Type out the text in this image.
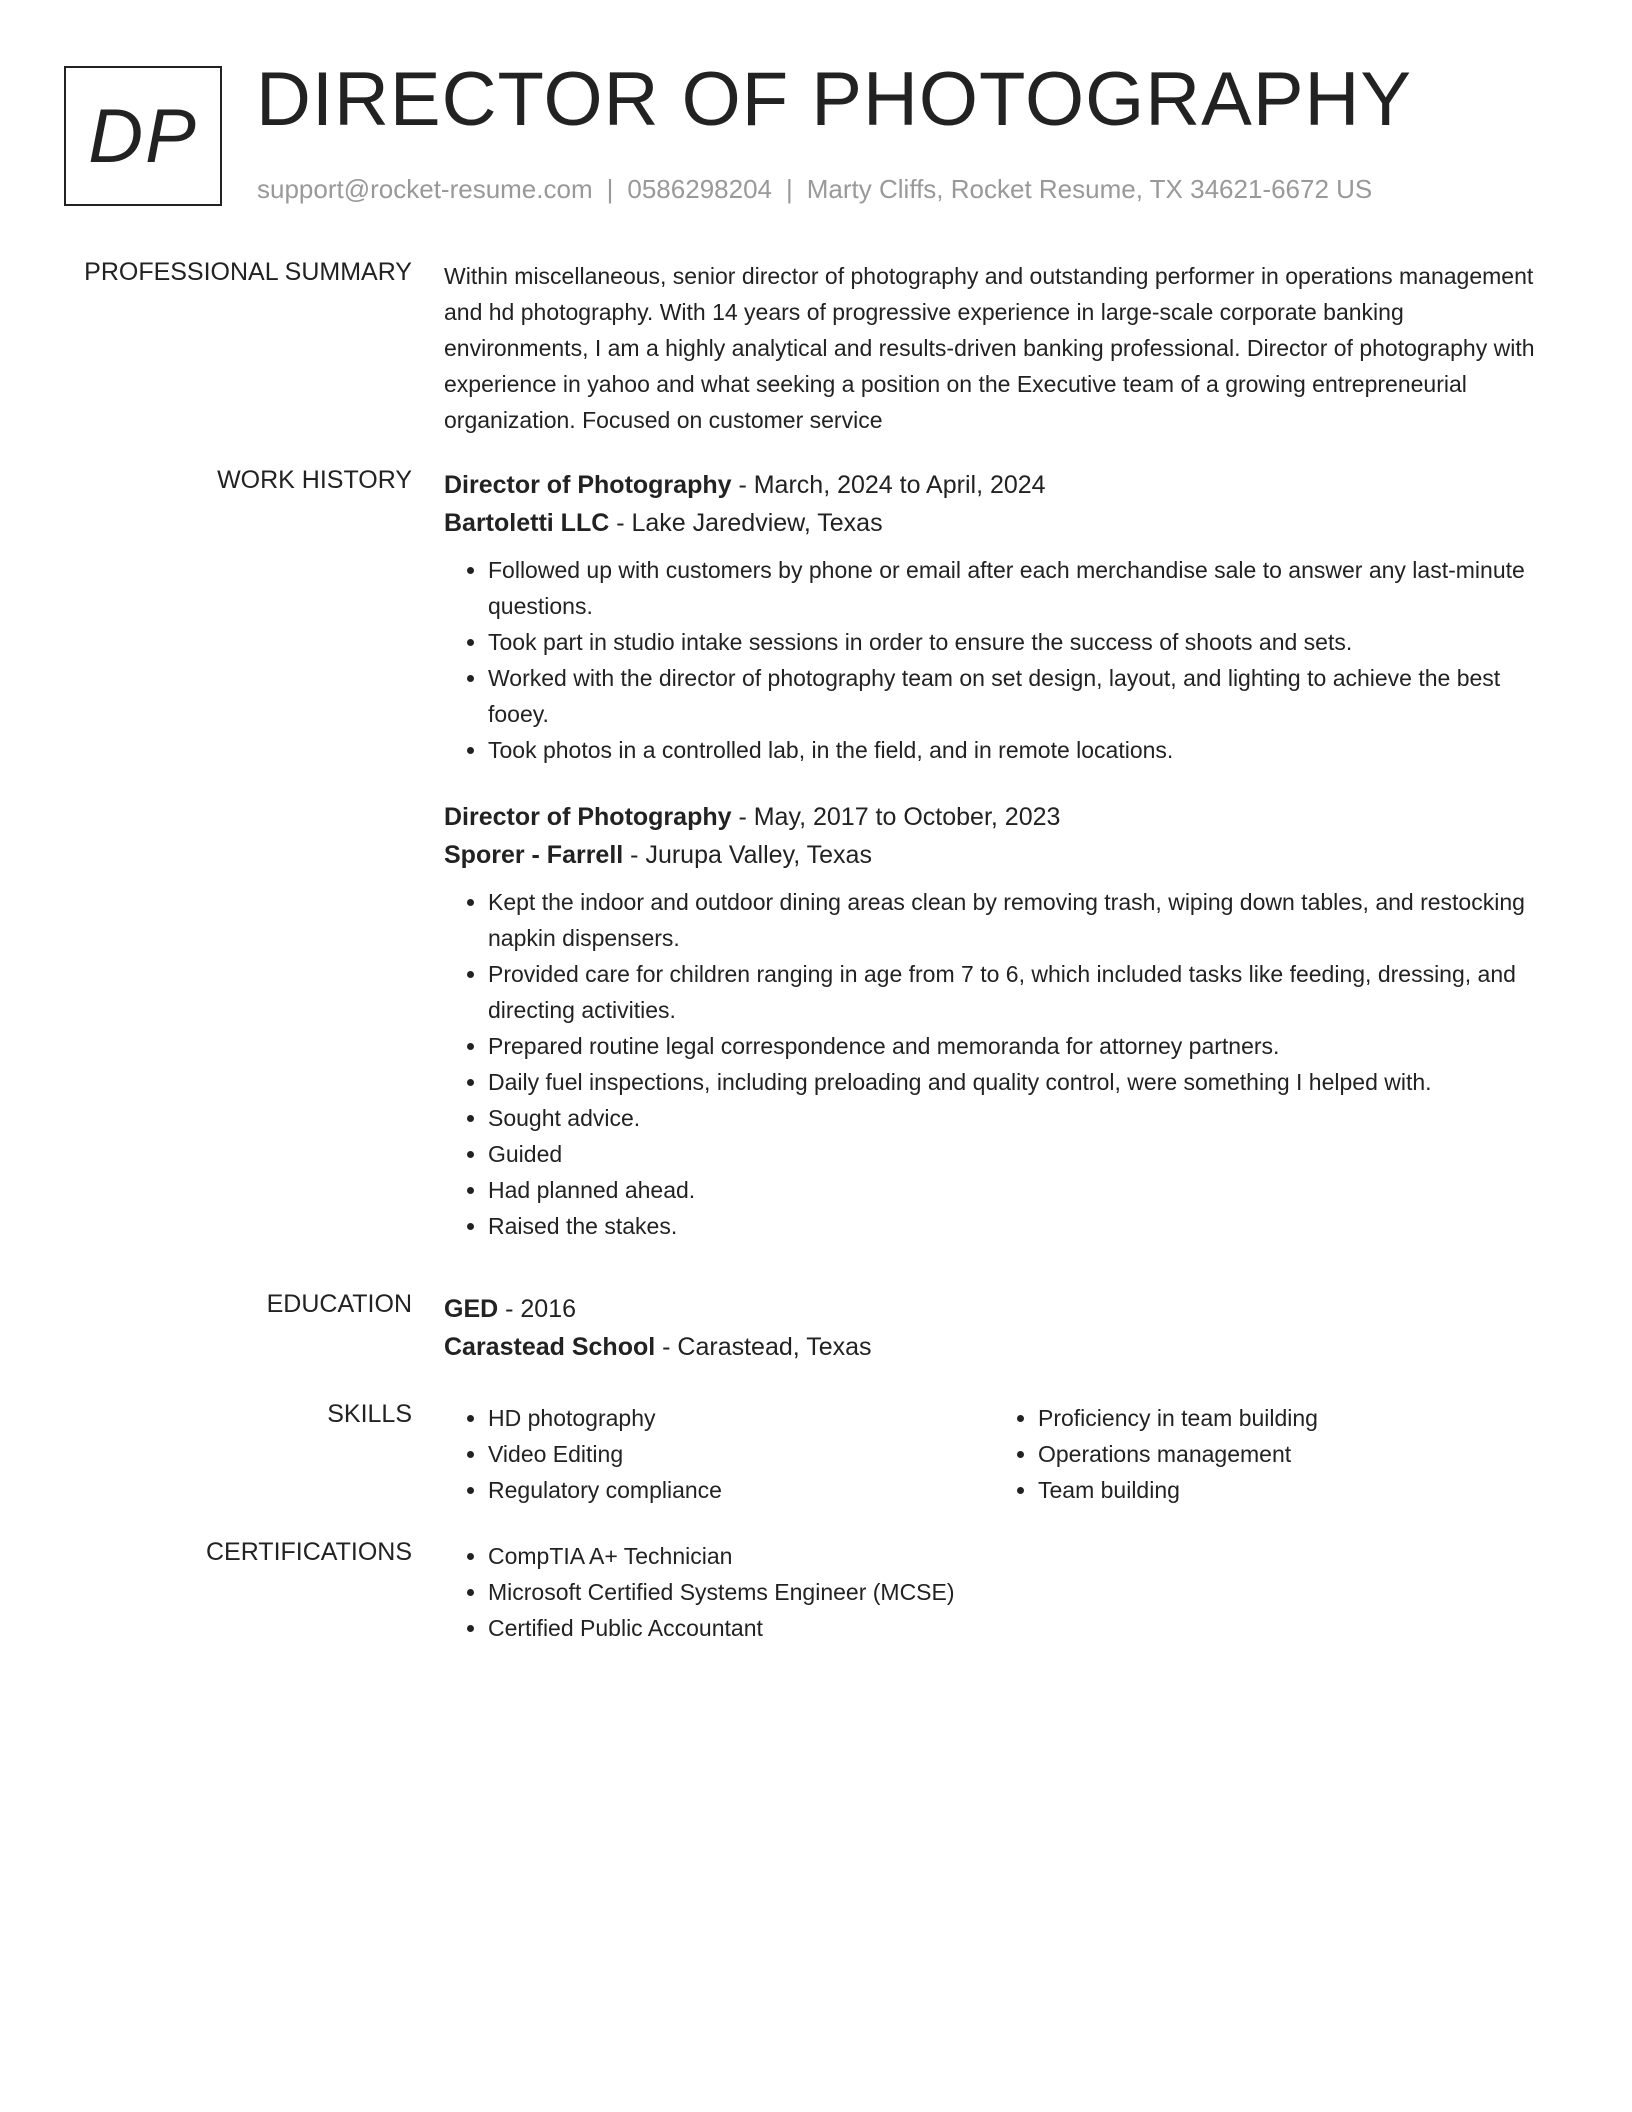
DP DIRECTOR OF PHOTOGRAPHY
support@rocket-resume.com | 0586298204 | Marty Cliffs, Rocket Resume, TX 34621-6672 US
PROFESSIONAL SUMMARY Within miscellaneous, senior director of photography and outstanding performer in operations management and hd photography. With 14 years of progressive experience in large-scale corporate banking environments, I am a highly analytical and results-driven banking professional. Director of photography with experience in yahoo and what seeking a position on the Executive team of a growing entrepreneurial organization. Focused on customer service

WORK HISTORY Director of Photography - March, 2024 to April, 2024
Bartoletti LLC - Lake Jaredview, Texas
• Followed up with customers by phone or email after each merchandise sale to answer any last-minute questions.
• Took part in studio intake sessions in order to ensure the success of shoots and sets.
• Worked with the director of photography team on set design, layout, and lighting to achieve the best fooey.
• Took photos in a controlled lab, in the field, and in remote locations.
Director of Photography - May, 2017 to October, 2023
Sporer - Farrell - Jurupa Valley, Texas
• Kept the indoor and outdoor dining areas clean by removing trash, wiping down tables, and restocking napkin dispensers.
• Provided care for children ranging in age from 7 to 6, which included tasks like feeding, dressing, and directing activities.
• Prepared routine legal correspondence and memoranda for attorney partners.
• Daily fuel inspections, including preloading and quality control, were something I helped with.
• Sought advice.
• Guided
• Had planned ahead.
• Raised the stakes.
EDUCATION GED - 2016
Carastead School - Carastead, Texas
SKILLS	• HD photography
• Video Editing
• Regulatory compliance
• Proficiency in team building
• Operations management
• Team building
CERTIFICATIONS	• CompTIA A+ Technician
• Microsoft Certified Systems Engineer (MCSE)
• Certified Public Accountant
